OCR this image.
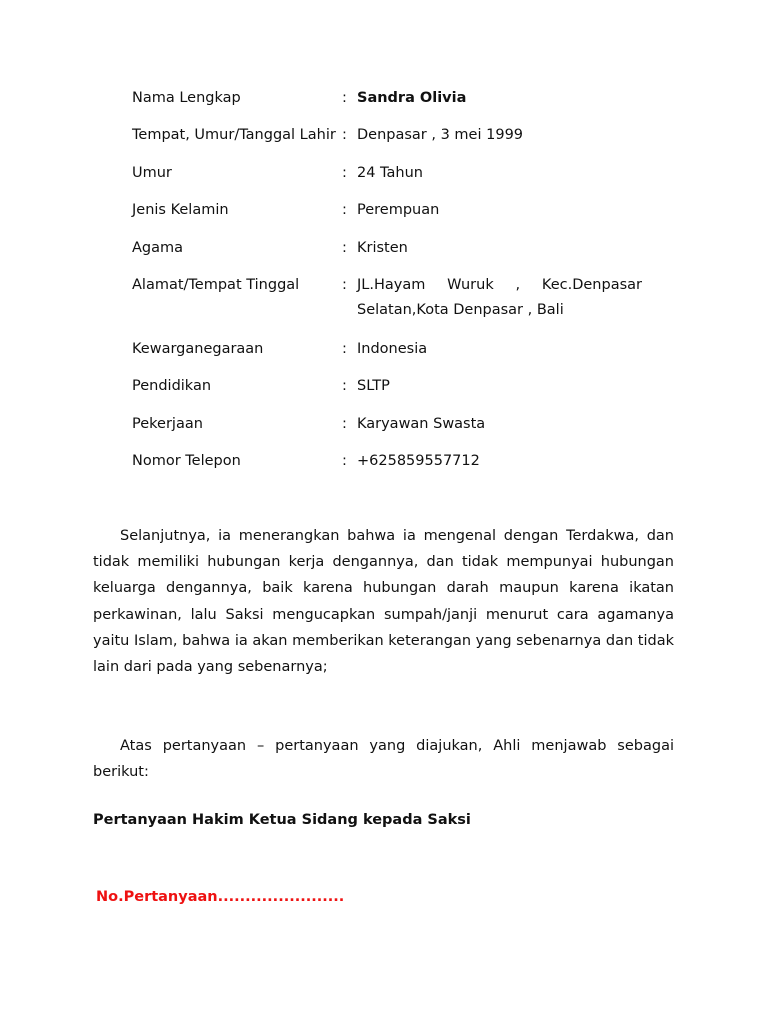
Nama Lengkap	: Sandra Olivia
Tempat, Umur/Tanggal Lahir : Denpasar , 3 mei 1999
Umur	: 24 Tahun
Jenis Kelamin	: Perempuan
Agama	: Kristen
Alamat/Tempat Tinggal	: JL.Hayam Wuruk , Kec.Denpasar
Selatan,Kota Denpasar , Bali
Kewarganegaraan	: Indonesia
Pendidikan	: SLTP
Pekerjaan	: Karyawan Swasta
Nomor Telepon	: +625859557712

Selanjutnya, ia menerangkan bahwa ia mengenal dengan Terdakwa, dan tidak memiliki hubungan kerja dengannya, dan tidak mempunyai hubungan keluarga dengannya, baik karena hubungan darah maupun karena ikatan perkawinan, lalu Saksi mengucapkan sumpah/janji menurut cara agamanya yaitu Islam, bahwa ia akan memberikan keterangan yang sebenarnya dan tidak lain dari pada yang sebenarnya;

Atas pertanyaan – pertanyaan yang diajukan, Ahli menjawab sebagai berikut:

Pertanyaan Hakim Ketua Sidang kepada Saksi
No.Pertanyaan.......................
